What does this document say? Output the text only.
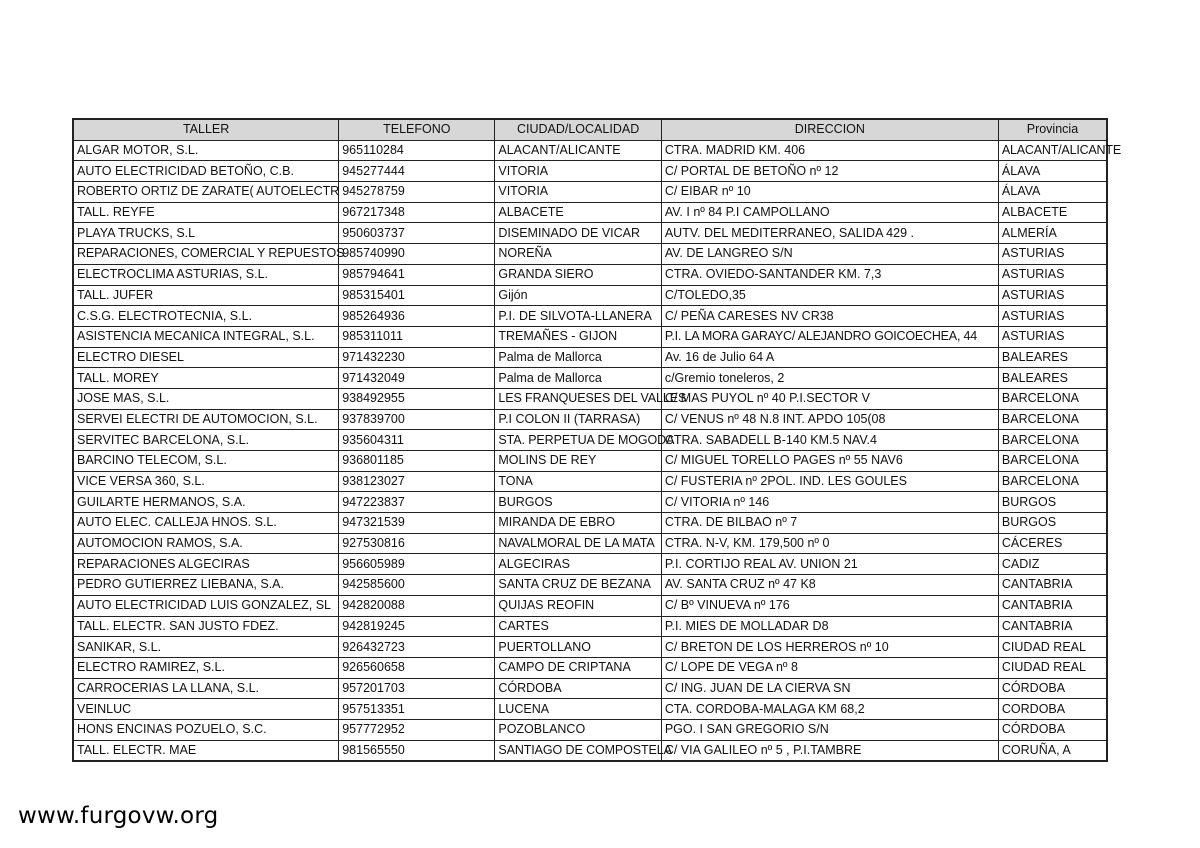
TALLER	TELEFONO	CIUDAD/LOCALIDAD	DIRECCION	Provincia
ALGAR MOTOR, S.L.	965110284	ALACANT/ALICANTE	CTRA. MADRID KM. 406	ALACANT/ALICANTE
AUTO ELECTRICIDAD BETOÑO, C.B.	945277444	VITORIA	C/ PORTAL DE BETOÑO nº 12	ÁLAVA
ROBERTO ORTIZ DE ZARATE( AUTOELECTR	945278759	VITORIA	C/ EIBAR nº 10	ÁLAVA
TALL. REYFE	967217348	ALBACETE	AV. I nº 84 P.I CAMPOLLANO	ALBACETE
PLAYA TRUCKS, S.L	950603737	DISEMINADO DE VICAR	AUTV. DEL MEDITERRANEO, SALIDA 429 .	ALMERÍA
REPARACIONES, COMERCIAL Y REPUESTOS	985740990	NOREÑA	AV. DE LANGREO S/N	ASTURIAS
ELECTROCLIMA ASTURIAS, S.L.	985794641	GRANDA SIERO	CTRA. OVIEDO-SANTANDER KM. 7,3	ASTURIAS
TALL. JUFER	985315401	Gijón	C/TOLEDO,35	ASTURIAS
C.S.G. ELECTROTECNIA, S.L.	985264936	P.I. DE SILVOTA-LLANERA	C/ PEÑA CARESES NV CR38	ASTURIAS
ASISTENCIA MECANICA INTEGRAL, S.L.	985311011	TREMAÑES - GIJON	P.I. LA MORA GARAYC/ ALEJANDRO GOICOECHEA, 44	ASTURIAS
ELECTRO DIESEL	971432230	Palma de Mallorca	Av. 16 de Julio 64 A	BALEARES
TALL. MOREY	971432049	Palma de Mallorca	c/Gremio toneleros, 2	BALEARES
JOSE MAS, S.L.	938492955	LES FRANQUESES DEL VALLES	C/ MAS PUYOL nº 40 P.I.SECTOR V	BARCELONA
SERVEI ELECTRI DE AUTOMOCION, S.L.	937839700	P.I COLON II (TARRASA)	C/ VENUS nº 48 N.8 INT. APDO 105(08	BARCELONA
SERVITEC BARCELONA, S.L.	935604311	STA. PERPETUA DE MOGODA	CTRA. SABADELL B-140 KM.5 NAV.4	BARCELONA
BARCINO TELECOM, S.L.	936801185	MOLINS DE REY	C/ MIGUEL TORELLO PAGES nº 55 NAV6	BARCELONA
VICE VERSA 360, S.L.	938123027	TONA	C/ FUSTERIA nº 2POL. IND. LES GOULES	BARCELONA
GUILARTE HERMANOS, S.A.	947223837	BURGOS	C/ VITORIA nº 146	BURGOS
AUTO ELEC. CALLEJA HNOS. S.L.	947321539	MIRANDA DE EBRO	CTRA. DE BILBAO nº 7	BURGOS
AUTOMOCION RAMOS, S.A.	927530816	NAVALMORAL DE LA MATA	CTRA. N-V, KM. 179,500 nº 0	CÁCERES
REPARACIONES ALGECIRAS	956605989	ALGECIRAS	P.I. CORTIJO REAL AV. UNION 21	CADIZ
PEDRO GUTIERREZ LIEBANA, S.A.	942585600	SANTA CRUZ DE BEZANA	AV. SANTA CRUZ nº 47 K8	CANTABRIA
AUTO ELECTRICIDAD LUIS GONZALEZ, SL	942820088	QUIJAS REOFIN	C/ Bº VINUEVA nº 176	CANTABRIA
TALL. ELECTR. SAN JUSTO FDEZ.	942819245	CARTES	P.I. MIES DE MOLLADAR D8	CANTABRIA
SANIKAR, S.L.	926432723	PUERTOLLANO	C/ BRETON DE LOS HERREROS nº 10	CIUDAD REAL
ELECTRO RAMIREZ, S.L.	926560658	CAMPO DE CRIPTANA	C/ LOPE DE VEGA nº 8	CIUDAD REAL
CARROCERIAS LA LLANA, S.L.	957201703	CÓRDOBA	C/ ING. JUAN DE LA CIERVA SN	CÓRDOBA
VEINLUC	957513351	LUCENA	CTA. CORDOBA-MALAGA KM 68,2	CORDOBA
HONS ENCINAS POZUELO, S.C.	957772952	POZOBLANCO	PGO. I SAN GREGORIO S/N	CÓRDOBA
TALL. ELECTR. MAE	981565550	SANTIAGO DE COMPOSTELA	C/ VIA GALILEO nº 5 , P.I.TAMBRE	CORUÑA, A
www.furgovw.org
